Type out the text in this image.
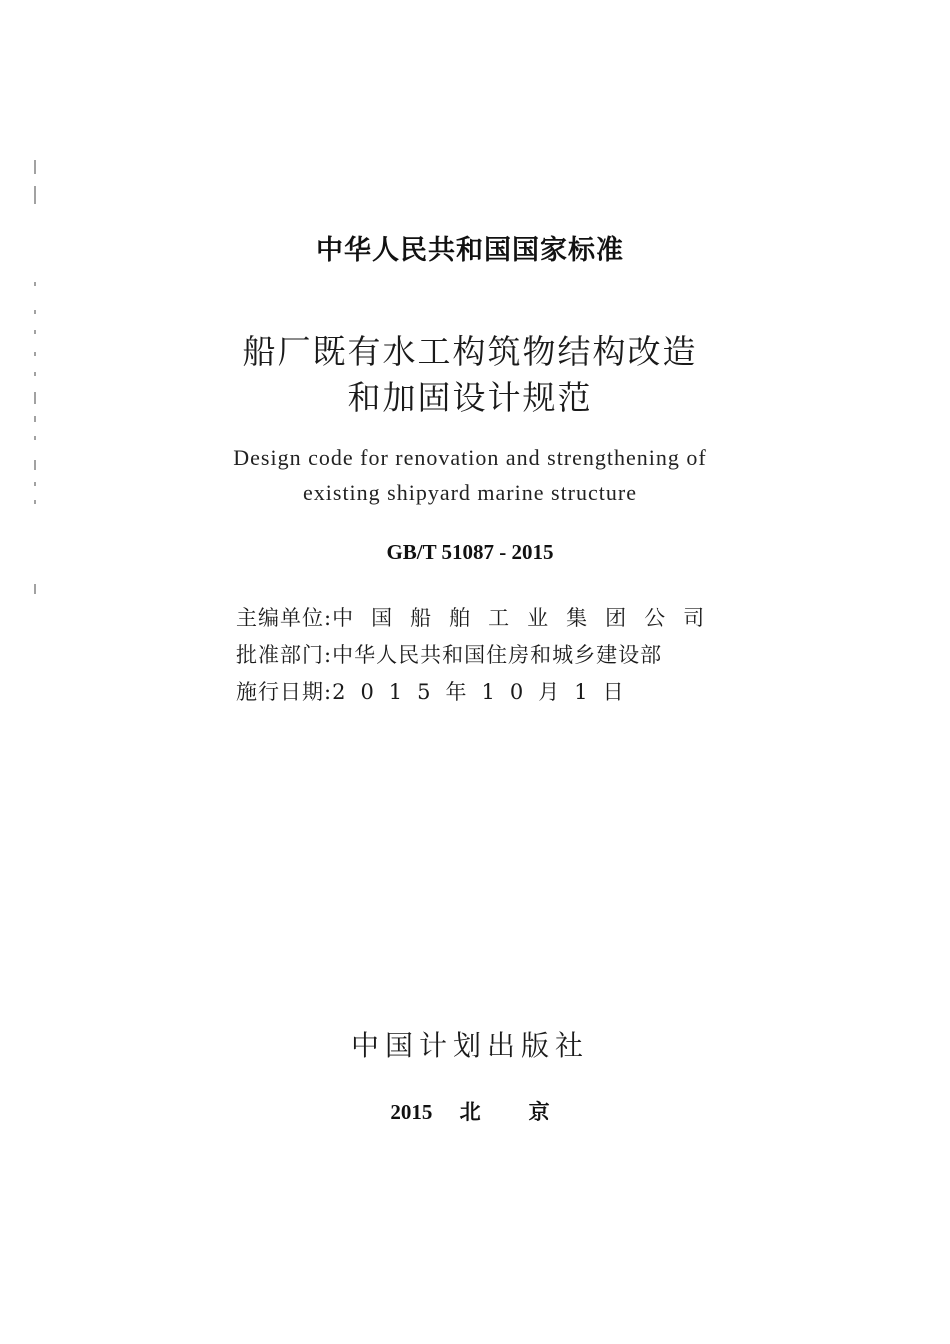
中华人民共和国国家标准
船厂既有水工构筑物结构改造
和加固设计规范
Design code for renovation and strengthening of
existing shipyard marine structure
GB/T 51087 - 2015
主编单位: 中国船舶工业集团公司
批准部门: 中华人民共和国住房和城乡建设部
施行日期: 2015年10月1日
中国计划出版社
2015 北京
